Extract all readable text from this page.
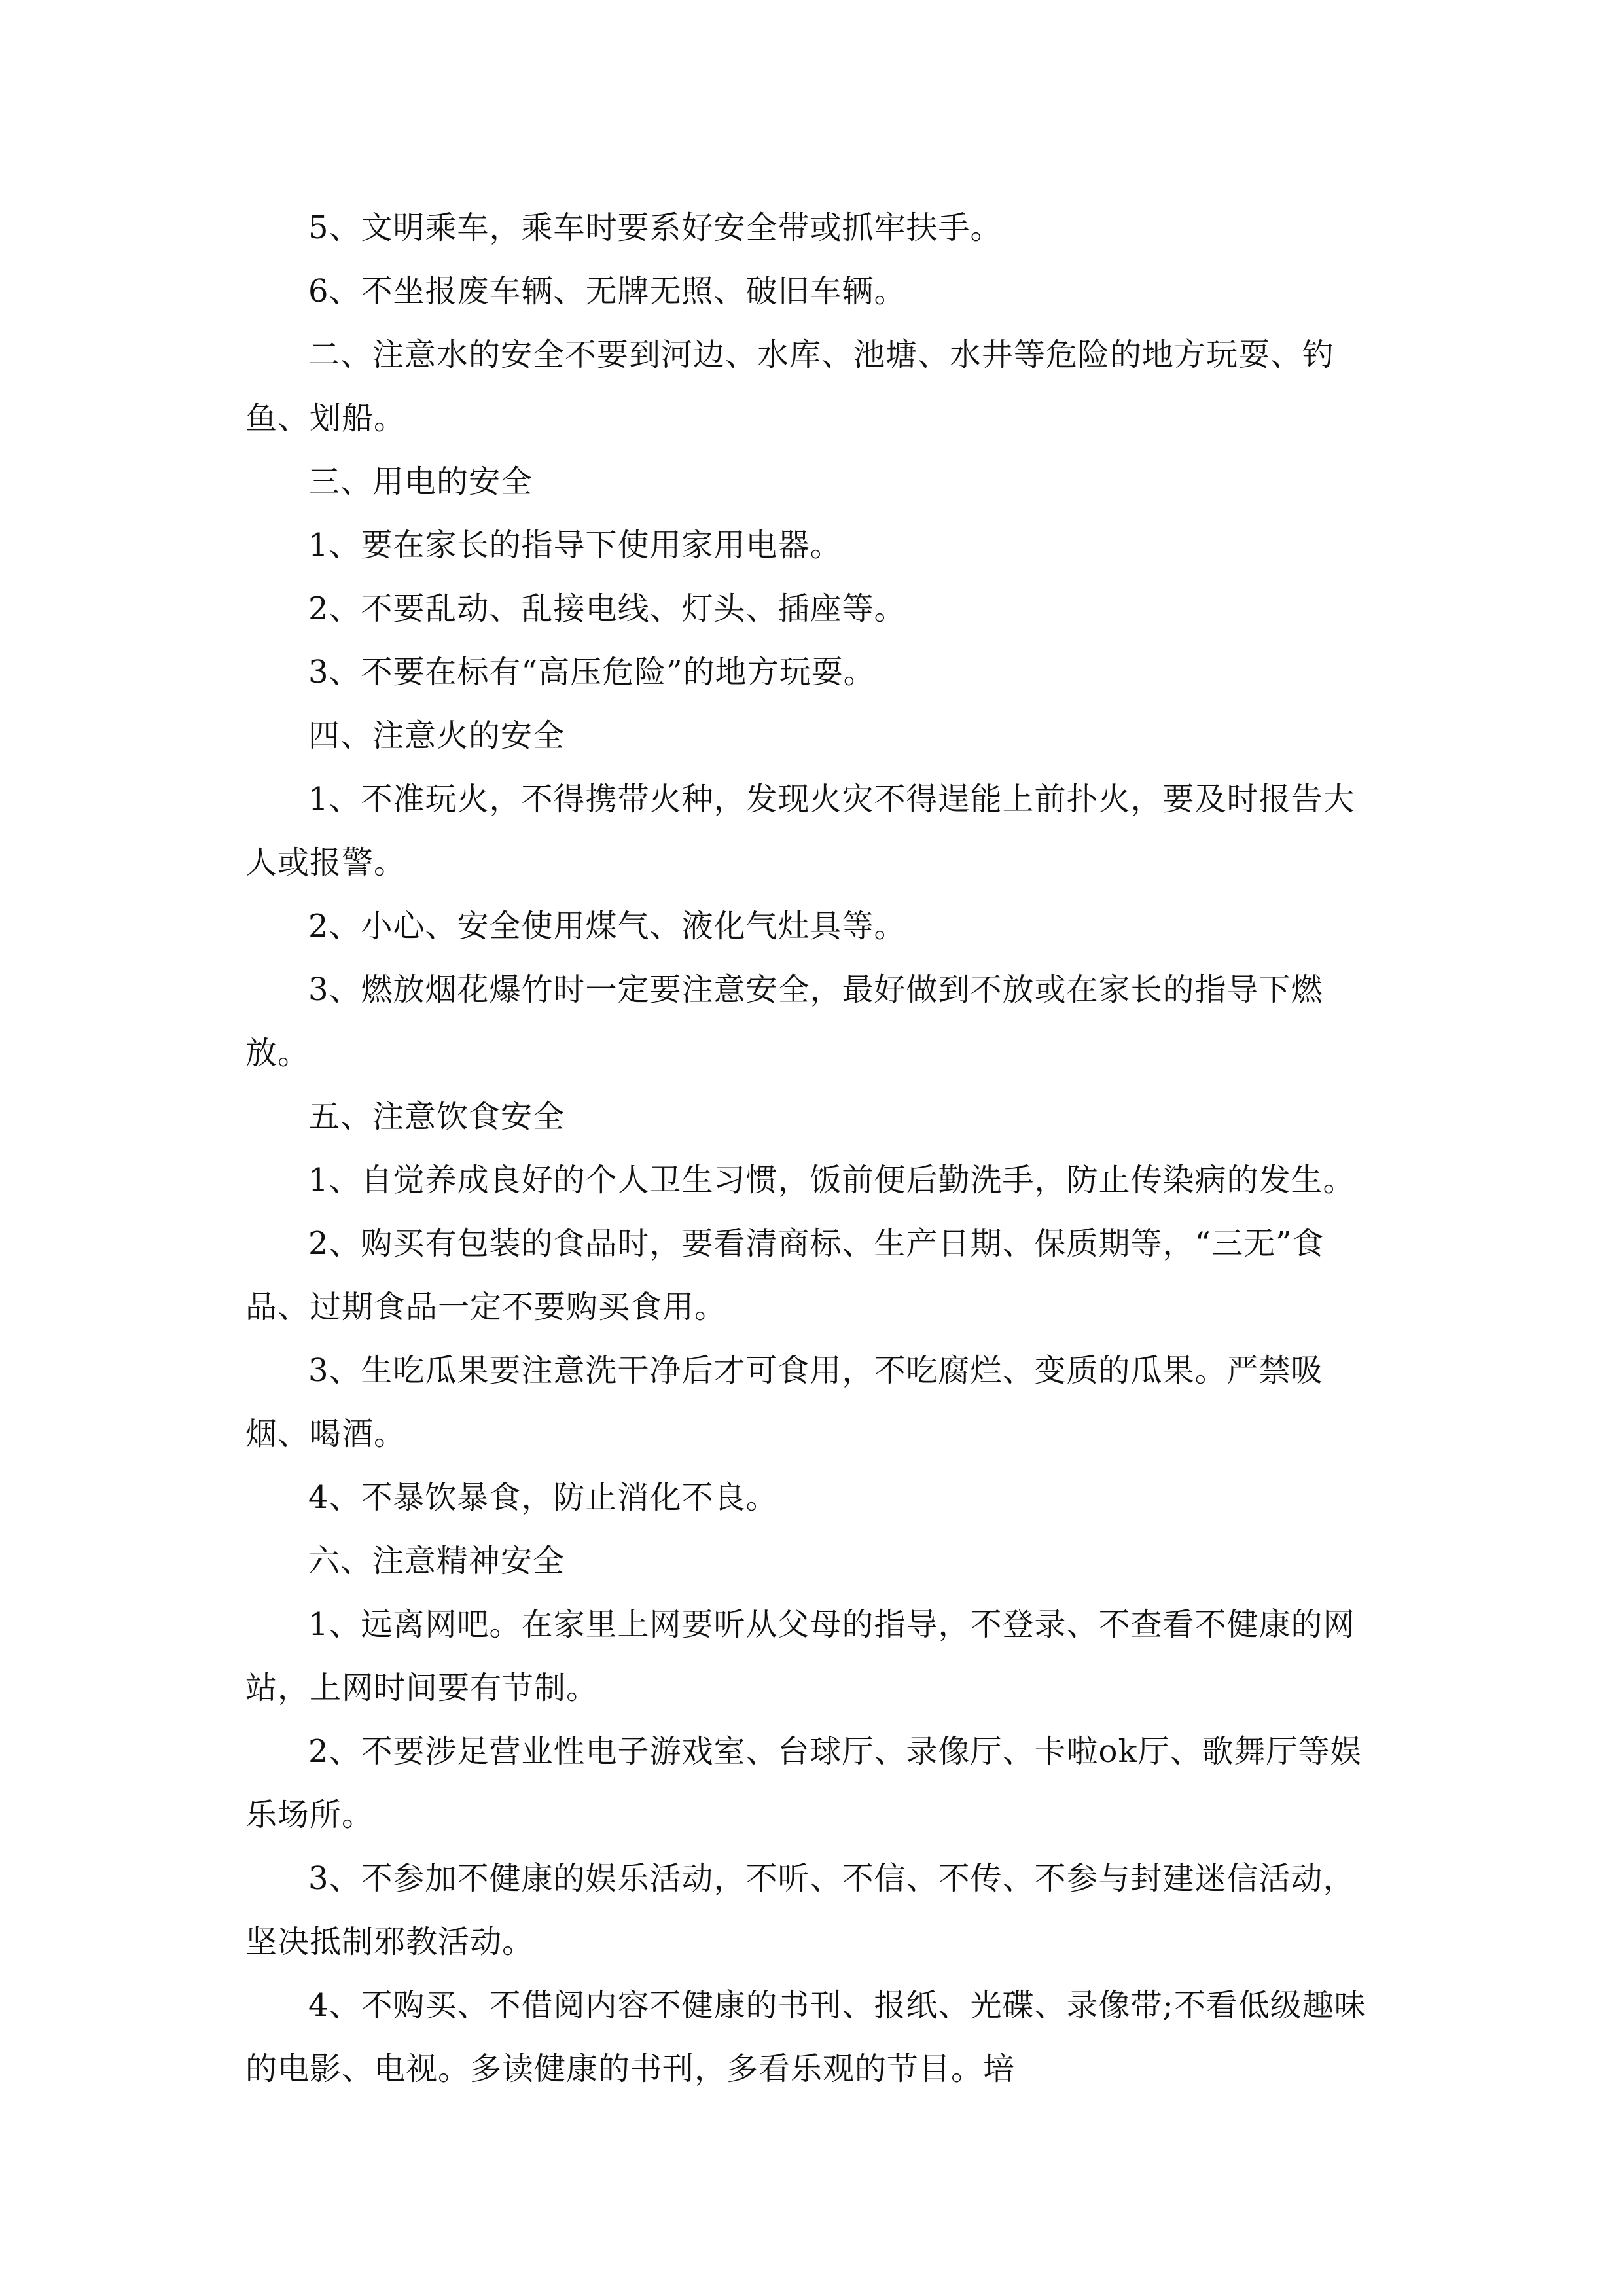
5、文明乘车，乘车时要系好安全带或抓牢扶手。

6、不坐报废车辆、无牌无照、破旧车辆。

二、注意水的安全不要到河边、水库、池塘、水井等危险的地方玩耍、钓鱼、划船。

三、用电的安全

1、要在家长的指导下使用家用电器。

2、不要乱动、乱接电线、灯头、插座等。

3、不要在标有“高压危险”的地方玩耍。

四、注意火的安全

1、不准玩火，不得携带火种，发现火灾不得逞能上前扑火，要及时报告大人或报警。

2、小心、安全使用煤气、液化气灶具等。

3、燃放烟花爆竹时一定要注意安全，最好做到不放或在家长的指导下燃放。

五、注意饮食安全

1、自觉养成良好的个人卫生习惯，饭前便后勤洗手，防止传染病的发生。

2、购买有包装的食品时，要看清商标、生产日期、保质期等，“三无”食品、过期食品一定不要购买食用。

3、生吃瓜果要注意洗干净后才可食用，不吃腐烂、变质的瓜果。严禁吸烟、喝酒。

4、不暴饮暴食，防止消化不良。

六、注意精神安全

1、远离网吧。在家里上网要听从父母的指导，不登录、不查看不健康的网站，上网时间要有节制。

2、不要涉足营业性电子游戏室、台球厅、录像厅、卡啦ok厅、歌舞厅等娱乐场所。

3、不参加不健康的娱乐活动，不听、不信、不传、不参与封建迷信活动，坚决抵制邪教活动。

4、不购买、不借阅内容不健康的书刊、报纸、光碟、录像带;不看低级趣味的电影、电视。多读健康的书刊，多看乐观的节目。培
